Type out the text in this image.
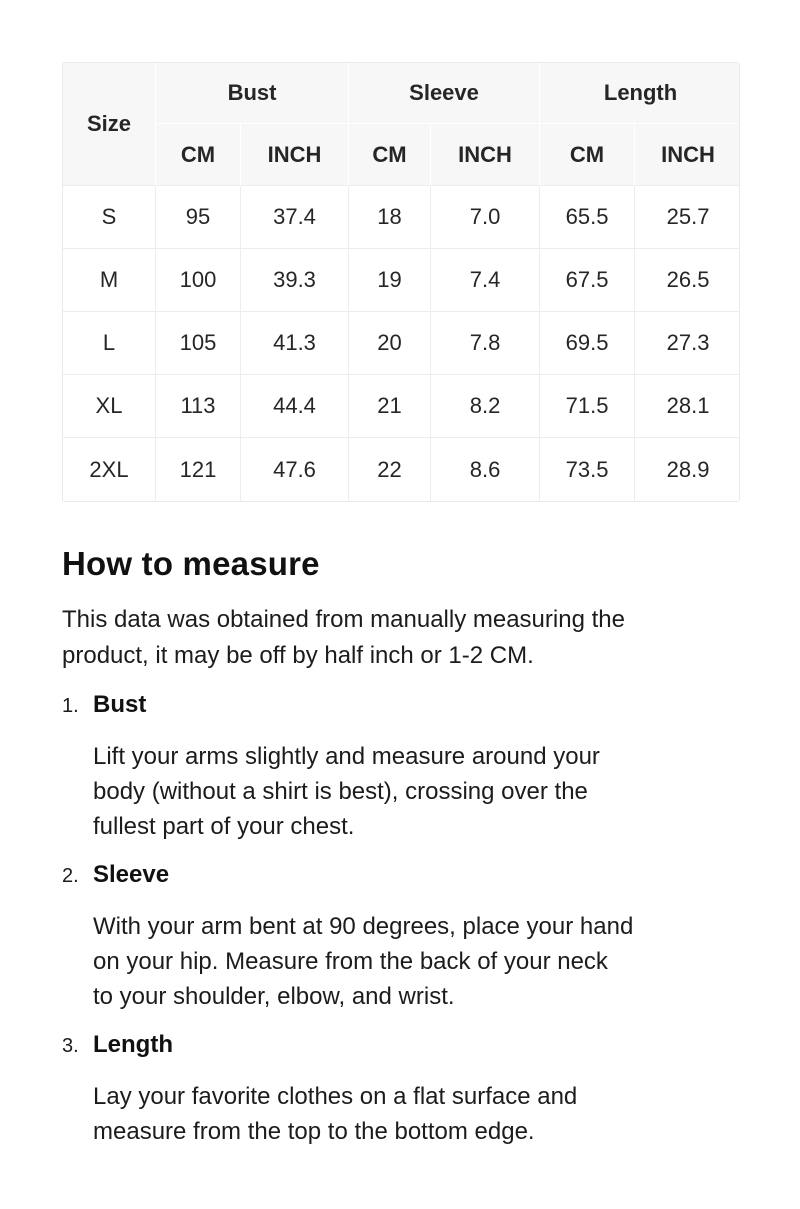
Size	Bust		Sleeve		Length	
	CM	INCH	CM	INCH	CM	INCH
S	95	37.4	18	7.0	65.5	25.7
M	100	39.3	19	7.4	67.5	26.5
L	105	41.3	20	7.8	69.5	27.3
XL	113	44.4	21	8.2	71.5	28.1
2XL	121	47.6	22	8.6	73.5	28.9
How to measure
This data was obtained from manually measuring the
product, it may be off by half inch or 1-2 CM.
1. Bust
Lift your arms slightly and measure around your
body (without a shirt is best), crossing over the
fullest part of your chest.
2. Sleeve
With your arm bent at 90 degrees, place your hand
on your hip. Measure from the back of your neck
to your shoulder, elbow, and wrist.
3. Length
Lay your favorite clothes on a flat surface and
measure from the top to the bottom edge.
